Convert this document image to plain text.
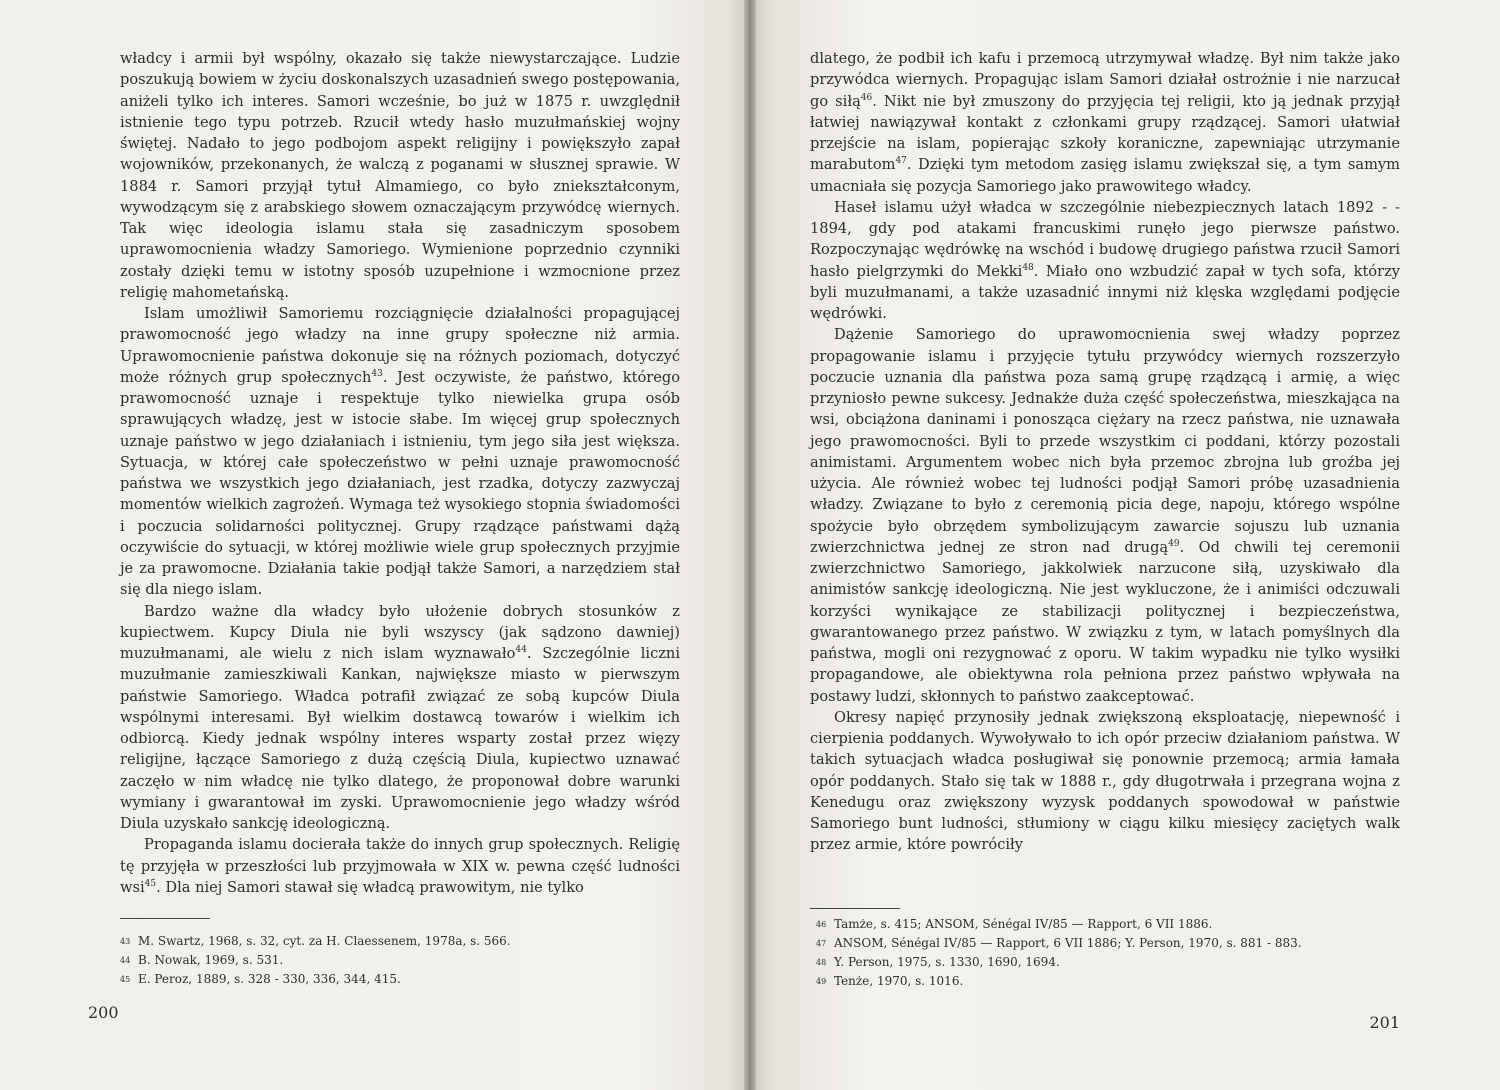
władcy i armii był wspólny, okazało się także niewystarczające. Ludzie poszukują bowiem w życiu doskonalszych uzasadnień swego postępowania, aniżeli tylko ich interes. Samori wcześnie, bo już w 1875 r. uwzględnił istnienie tego typu potrzeb. Rzucił wtedy hasło muzułmańskiej wojny świętej. Nadało to jego podbojom aspekt religijny i powiększyło zapał wojowników, przekonanych, że walczą z poganami w słusznej sprawie. W 1884 r. Samori przyjął tytuł Almamiego, co było zniekształconym, wywodzącym się z arabskiego słowem oznaczającym przywódcę wiernych. Tak więc ideologia islamu stała się zasadniczym sposobem uprawomocnienia władzy Samoriego. Wymienione poprzednio czynniki zostały dzięki temu w istotny sposób uzupełnione i wzmocnione przez religię mahometańską.

Islam umożliwił Samoriemu rozciągnięcie działalności propagującej prawomocność jego władzy na inne grupy społeczne niż armia. Uprawomocnienie państwa dokonuje się na różnych poziomach, dotyczyć może różnych grup społecznych$^{43}$. Jest oczywiste, że państwo, którego prawomocność uznaje i respektuje tylko niewielka grupa osób sprawujących władzę, jest w istocie słabe. Im więcej grup społecznych uznaje państwo w jego działaniach i istnieniu, tym jego siła jest większa. Sytuacja, w której całe społeczeństwo w pełni uznaje prawomocność państwa we wszystkich jego działaniach, jest rzadka, dotyczy zazwyczaj momentów wielkich zagrożeń. Wymaga też wysokiego stopnia świadomości i poczucia solidarności politycznej. Grupy rządzące państwami dążą oczywiście do sytuacji, w której możliwie wiele grup społecznych przyjmie je za prawomocne. Działania takie podjął także Samori, a narzędziem stał się dla niego islam.

Bardzo ważne dla władcy było ułożenie dobrych stosunków z kupiectwem. Kupcy Diula nie byli wszyscy (jak sądzono dawniej) muzułmanami, ale wielu z nich islam wyznawało$^{44}$. Szczególnie liczni muzułmanie zamieszkiwali Kankan, największe miasto w pierwszym państwie Samoriego. Władca potrafił związać ze sobą kupców Diula wspólnymi interesami. Był wielkim dostawcą towarów i wielkim ich odbiorcą. Kiedy jednak wspólny interes wsparty został przez więzy religijne, łączące Samoriego z dużą częścią Diula, kupiectwo uznawać zaczęło w nim władcę nie tylko dlatego, że proponował dobre warunki wymiany i gwarantował im zyski. Uprawomocnienie jego władzy wśród Diula uzyskało sankcję ideologiczną.

Propaganda islamu docierała także do innych grup społecznych. Religię tę przyjęła w przeszłości lub przyjmowała w XIX w. pewna część ludności wsi$^{45}$. Dla niej Samori stawał się władcą prawowitym, nie tylko

43 M. Swartz, 1968, s. 32, cyt. za H. Claessenem, 1978a, s. 566.
44 B. Nowak, 1969, s. 531.
45 E. Peroz, 1889, s. 328 - 330, 336, 344, 415.
200

dlatego, że podbił ich kafu i przemocą utrzymywał władzę. Był nim także jako przywódca wiernych. Propagując islam Samori działał ostrożnie i nie narzucał go siłą$^{46}$. Nikt nie był zmuszony do przyjęcia tej religii, kto ją jednak przyjął łatwiej nawiązywał kontakt z członkami grupy rządzącej. Samori ułatwiał przejście na islam, popierając szkoły koraniczne, zapewniając utrzymanie marabutom$^{47}$. Dzięki tym metodom zasięg islamu zwiększał się, a tym samym umacniała się pozycja Samoriego jako prawowitego władcy.

Haseł islamu użył władca w szczególnie niebezpiecznych latach 1892 - - 1894, gdy pod atakami francuskimi runęło jego pierwsze państwo. Rozpoczynając wędrówkę na wschód i budowę drugiego państwa rzucił Samori hasło pielgrzymki do Mekki$^{48}$. Miało ono wzbudzić zapał w tych sofa, którzy byli muzułmanami, a także uzasadnić innymi niż klęska względami podjęcie wędrówki.

Dążenie Samoriego do uprawomocnienia swej władzy poprzez propagowanie islamu i przyjęcie tytułu przywódcy wiernych rozszerzyło poczucie uznania dla państwa poza samą grupę rządzącą i armię, a więc przyniosło pewne sukcesy. Jednakże duża część społeczeństwa, mieszkająca na wsi, obciążona daninami i ponosząca ciężary na rzecz państwa, nie uznawała jego prawomocności. Byli to przede wszystkim ci poddani, którzy pozostali animistami. Argumentem wobec nich była przemoc zbrojna lub groźba jej użycia. Ale również wobec tej ludności podjął Samori próbę uzasadnienia władzy. Związane to było z ceremonią picia dege, napoju, którego wspólne spożycie było obrzędem symbolizującym zawarcie sojuszu lub uznania zwierzchnictwa jednej ze stron nad drugą$^{49}$. Od chwili tej ceremonii zwierzchnictwo Samoriego, jakkolwiek narzucone siłą, uzyskiwało dla animistów sankcję ideologiczną. Nie jest wykluczone, że i animiści odczuwali korzyści wynikające ze stabilizacji politycznej i bezpieczeństwa, gwarantowanego przez państwo. W związku z tym, w latach pomyślnych dla państwa, mogli oni rezygnować z oporu. W takim wypadku nie tylko wysiłki propagandowe, ale obiektywna rola pełniona przez państwo wpływała na postawy ludzi, skłonnych to państwo zaakceptować.

Okresy napięć przynosiły jednak zwiększoną eksploatację, niepewność i cierpienia poddanych. Wywoływało to ich opór przeciw działaniom państwa. W takich sytuacjach władca posługiwał się ponownie przemocą; armia łamała opór poddanych. Stało się tak w 1888 r., gdy długotrwała i przegrana wojna z Kenedugu oraz zwiększony wyzysk poddanych spowodował w państwie Samoriego bunt ludności, stłumiony w ciągu kilku miesięcy zaciętych walk przez armie, które powróciły

46 Tamże, s. 415; ANSOM, Sénégal IV/85 — Rapport, 6 VII 1886.
47 ANSOM, Sénégal IV/85 — Rapport, 6 VII 1886; Y. Person, 1970, s. 881 - 883.
48 Y. Person, 1975, s. 1330, 1690, 1694.
49 Tenże, 1970, s. 1016.
201
